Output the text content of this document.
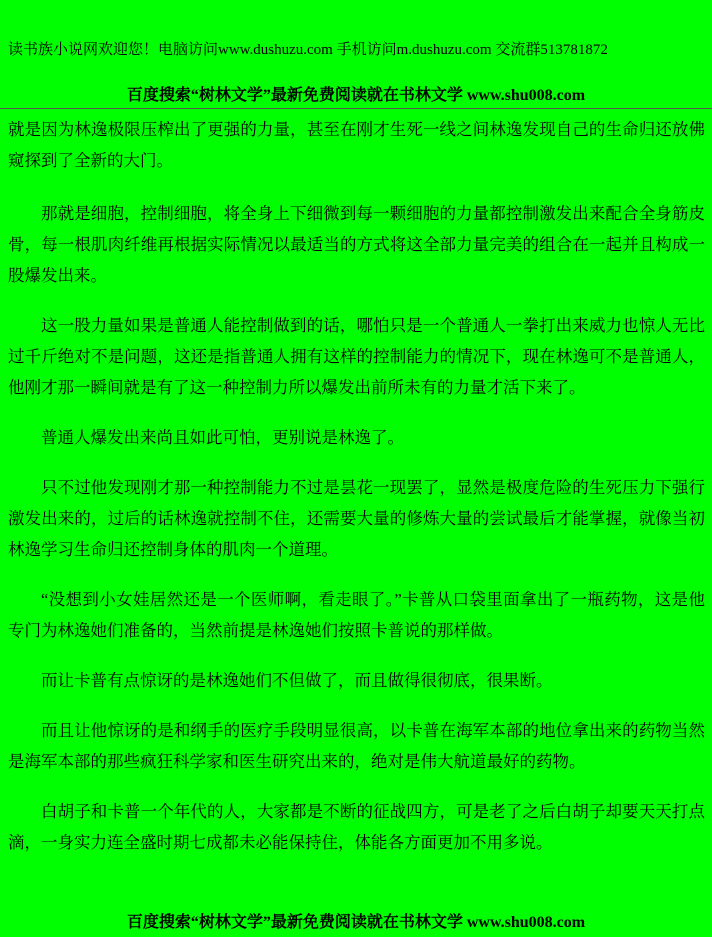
读书族小说网欢迎您！电脑访问www.dushuzu.com 手机访问m.dushuzu.com 交流群513781872
百度搜索“树林文学”最新免费阅读就在书林文学 www.shu008.com

就是因为林逸极限压榨出了更强的力量，甚至在刚才生死一线之间林逸发现自己的生命归还放佛窥探到了全新的大门。

那就是细胞，控制细胞，将全身上下细微到每一颗细胞的力量都控制激发出来配合全身筋皮骨，每一根肌肉纤维再根据实际情况以最适当的方式将这全部力量完美的组合在一起并且构成一股爆发出来。

这一股力量如果是普通人能控制做到的话，哪怕只是一个普通人一拳打出来威力也惊人无比过千斤绝对不是问题，这还是指普通人拥有这样的控制能力的情况下，现在林逸可不是普通人，他刚才那一瞬间就是有了这一种控制力所以爆发出前所未有的力量才活下来了。

普通人爆发出来尚且如此可怕，更别说是林逸了。

只不过他发现刚才那一种控制能力不过是昙花一现罢了，显然是极度危险的生死压力下强行激发出来的，过后的话林逸就控制不住，还需要大量的修炼大量的尝试最后才能掌握，就像当初林逸学习生命归还控制身体的肌肉一个道理。

“没想到小女娃居然还是一个医师啊，看走眼了。”卡普从口袋里面拿出了一瓶药物，这是他专门为林逸她们准备的，当然前提是林逸她们按照卡普说的那样做。

而让卡普有点惊讶的是林逸她们不但做了，而且做得很彻底，很果断。

而且让他惊讶的是和纲手的医疗手段明显很高，以卡普在海军本部的地位拿出来的药物当然是海军本部的那些疯狂科学家和医生研究出来的，绝对是伟大航道最好的药物。

白胡子和卡普一个年代的人，大家都是不断的征战四方，可是老了之后白胡子却要天天打点滴，一身实力连全盛时期七成都未必能保持住，体能各方面更加不用多说。

百度搜索“树林文学”最新免费阅读就在书林文学 www.shu008.com
